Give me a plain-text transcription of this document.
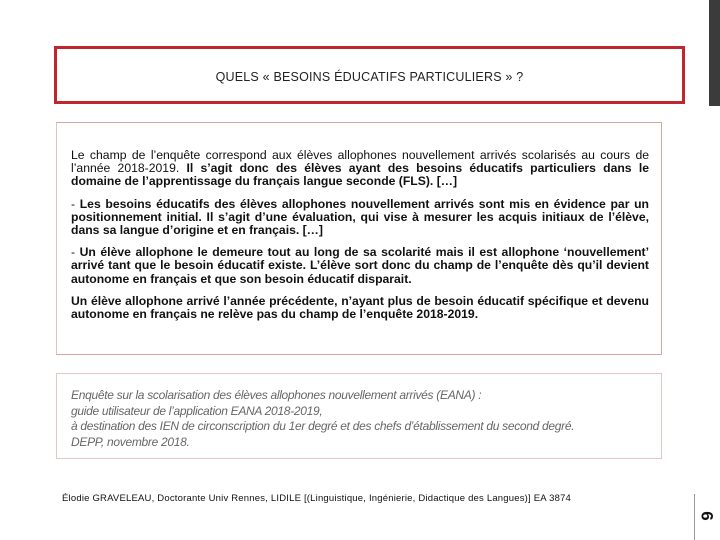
QUELS « BESOINS ÉDUCATIFS PARTICULIERS » ?

Le champ de l’enquête correspond aux élèves allophones nouvellement arrivés scolarisés au cours de l’année 2018-2019. Il s’agit donc des élèves ayant des besoins éducatifs particuliers dans le domaine de l’apprentissage du français langue seconde (FLS). […]

- Les besoins éducatifs des élèves allophones nouvellement arrivés sont mis en évidence par un positionnement initial. Il s’agit d’une évaluation, qui vise à mesurer les acquis initiaux de l’élève, dans sa langue d’origine et en français. […]

- Un élève allophone le demeure tout au long de sa scolarité mais il est allophone ‘nouvellement’ arrivé tant que le besoin éducatif existe. L’élève sort donc du champ de l’enquête dès qu’il devient autonome en français et que son besoin éducatif disparait.

Un élève allophone arrivé l’année précédente, n’ayant plus de besoin éducatif spécifique et devenu autonome en français ne relève pas du champ de l’enquête 2018-2019.

Enquête sur la scolarisation des élèves allophones nouvellement arrivés (EANA) :
guide utilisateur de l’application EANA 2018-2019,
à destination des IEN de circonscription du 1er degré et des chefs d’établissement du second degré.
DEPP, novembre 2018.
Élodie GRAVELEAU, Doctorante Univ Rennes, LIDILE [(Linguistique, Ingénierie, Didactique des Langues)] EA 3874
6
